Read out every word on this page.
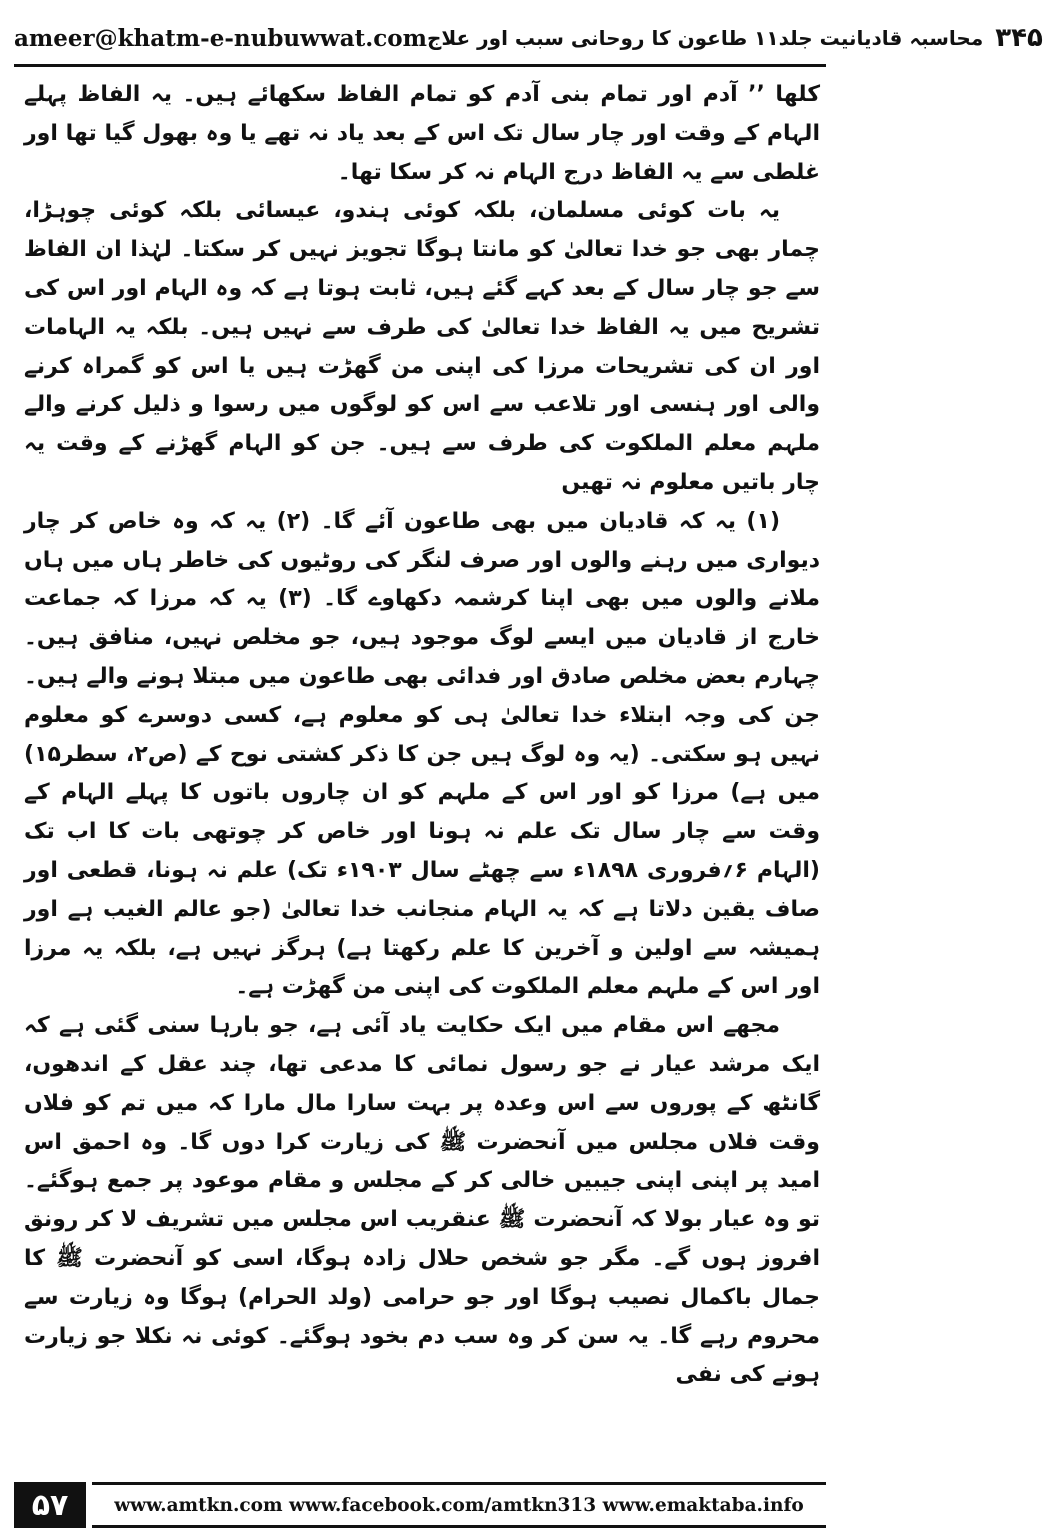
ameer@khatm-e-nubuwwat.com	۳۴۵
محاسبہ قادیانیت جلد۱۱ طاعون کا روحانی سبب اور علاج

کلھا ’’ آدم اور تمام بنی آدم کو تمام الفاظ سکھائے ہیں۔ یہ الفاظ پہلے الہام کے وقت اور چار سال تک اس کے بعد یاد نہ تھے یا وہ بھول گیا تھا اور غلطی سے یہ الفاظ درج الہام نہ کر سکا تھا۔

یہ بات کوئی مسلمان، بلکہ کوئی ہندو، عیسائی بلکہ کوئی چوہڑا، چمار بھی جو خدا تعالیٰ کو مانتا ہوگا تجویز نہیں کر سکتا۔ لہٰذا ان الفاظ سے جو چار سال کے بعد کہے گئے ہیں، ثابت ہوتا ہے کہ وہ الہام اور اس کی تشریح میں یہ الفاظ خدا تعالیٰ کی طرف سے نہیں ہیں۔ بلکہ یہ الہامات اور ان کی تشریحات مرزا کی اپنی من گھڑت ہیں یا اس کو گمراہ کرنے والی اور ہنسی اور تلاعب سے اس کو لوگوں میں رسوا و ذلیل کرنے والے ملہم معلم الملکوت کی طرف سے ہیں۔ جن کو الہام گھڑنے کے وقت یہ چار باتیں معلوم نہ تھیں

(۱) یہ کہ قادیان میں بھی طاعون آئے گا۔ (۲) یہ کہ وہ خاص کر چار دیواری میں رہنے والوں اور صرف لنگر کی روٹیوں کی خاطر ہاں میں ہاں ملانے والوں میں بھی اپنا کرشمہ دکھاوے گا۔ (۳) یہ کہ مرزا کہ جماعت خارج از قادیان میں ایسے لوگ موجود ہیں، جو مخلص نہیں، منافق ہیں۔ چہارم بعض مخلص صادق اور فدائی بھی طاعون میں مبتلا ہونے والے ہیں۔ جن کی وجہ ابتلاء خدا تعالیٰ ہی کو معلوم ہے، کسی دوسرے کو معلوم نہیں ہو سکتی۔ (یہ وہ لوگ ہیں جن کا ذکر کشتی نوح کے (ص۲، سطر۱۵) میں ہے) مرزا کو اور اس کے ملہم کو ان چاروں باتوں کا پہلے الہام کے وقت سے چار سال تک علم نہ ہونا اور خاص کر چوتھی بات کا اب تک (الہام ۶؍فروری ۱۸۹۸ء سے چھٹے سال ۱۹۰۳ء تک) علم نہ ہونا، قطعی اور صاف یقین دلاتا ہے کہ یہ الہام منجانب خدا تعالیٰ (جو عالم الغیب ہے اور ہمیشہ سے اولین و آخرین کا علم رکھتا ہے) ہرگز نہیں ہے، بلکہ یہ مرزا اور اس کے ملہم معلم الملکوت کی اپنی من گھڑت ہے۔

مجھے اس مقام میں ایک حکایت یاد آئی ہے، جو بارہا سنی گئی ہے کہ ایک مرشد عیار نے جو رسول نمائی کا مدعی تھا، چند عقل کے اندھوں، گانٹھ کے پوروں سے اس وعدہ پر بہت سارا مال مارا کہ میں تم کو فلاں وقت فلاں مجلس میں آنحضرت ﷺ کی زیارت کرا دوں گا۔ وہ احمق اس امید پر اپنی اپنی جیبیں خالی کر کے مجلس و مقام موعود پر جمع ہوگئے۔ تو وہ عیار بولا کہ آنحضرت ﷺ عنقریب اس مجلس میں تشریف لا کر رونق افروز ہوں گے۔ مگر جو شخص حلال زادہ ہوگا، اسی کو آنحضرت ﷺ کا جمال باکمال نصیب ہوگا اور جو حرامی (ولد الحرام) ہوگا وہ زیارت سے محروم رہے گا۔ یہ سن کر وہ سب دم بخود ہوگئے۔ کوئی نہ نکلا جو زیارت ہونے کی نفی

۵۷	www.amtkn.com www.facebook.com/amtkn313 www.emaktaba.info
